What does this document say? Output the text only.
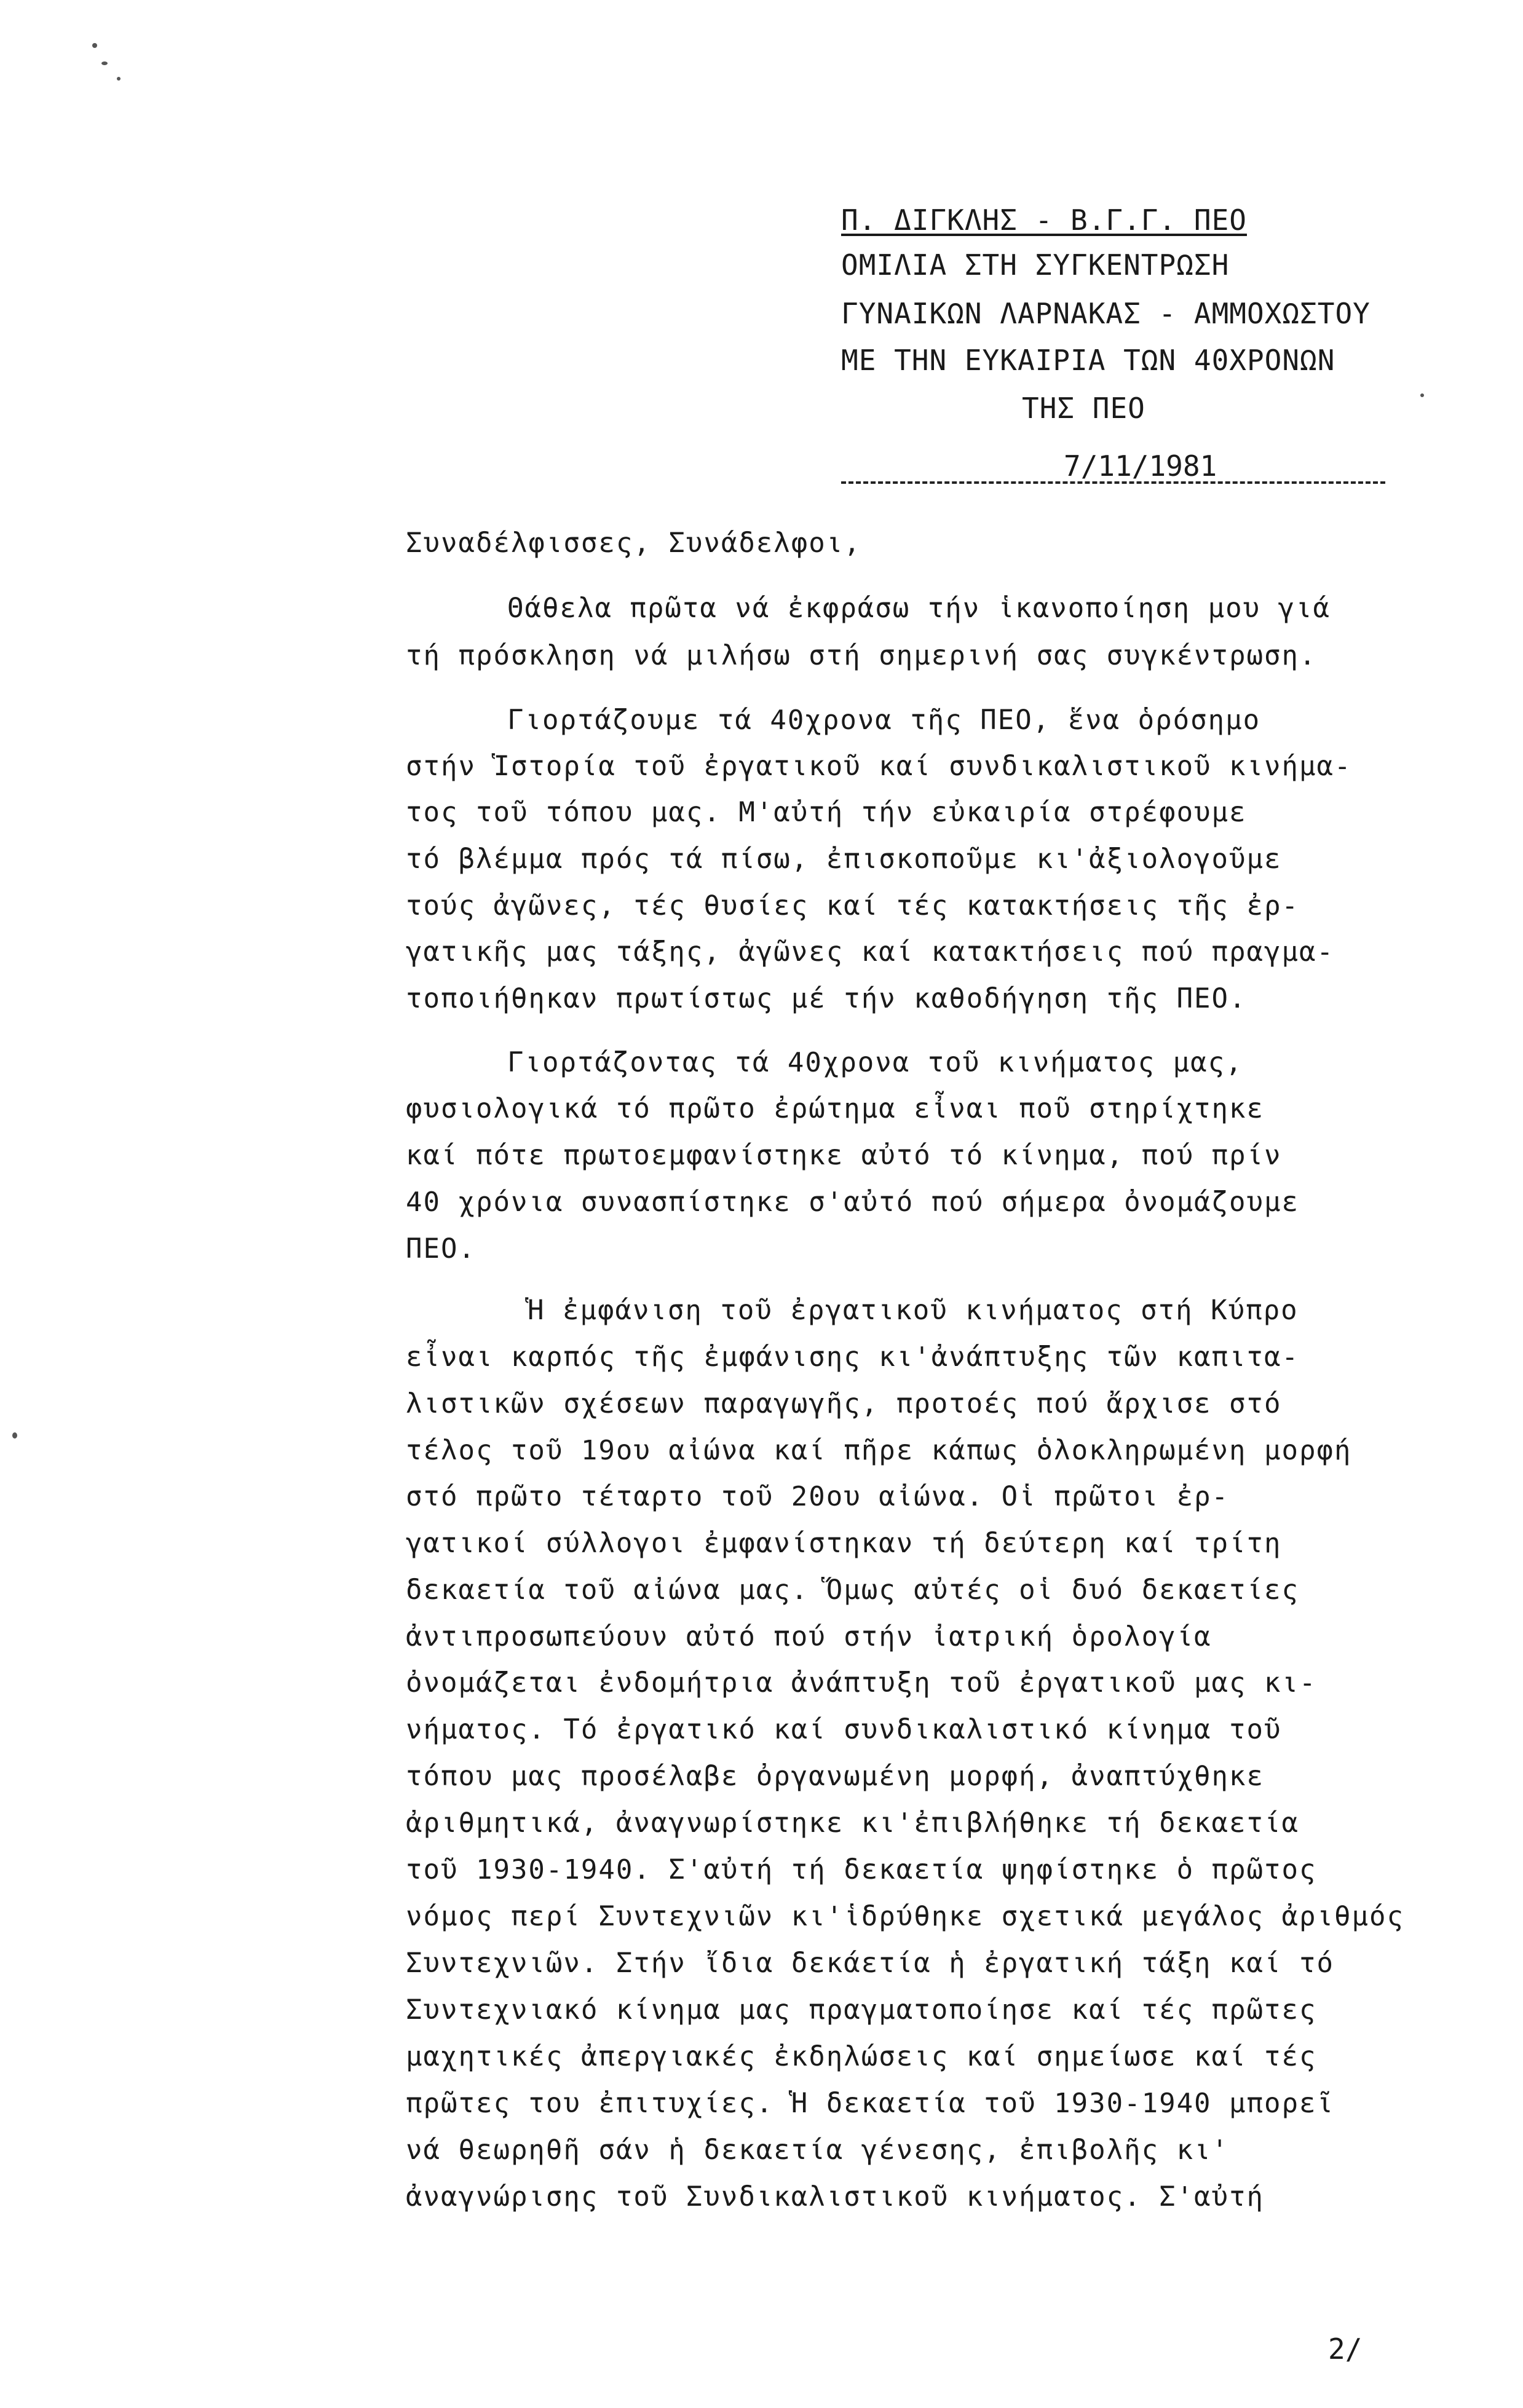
Π. ΔΙΓΚΛΗΣ - Β.Γ.Γ. ΠΕΟ
ΟΜΙΛΙΑ ΣΤΗ ΣΥΓΚΕΝΤΡΩΣΗ
ΓΥΝΑΙΚΩΝ ΛΑΡΝΑΚΑΣ - ΑΜΜΟΧΩΣΤΟΥ
ΜΕ ΤΗΝ ΕΥΚΑΙΡΙΑ ΤΩΝ 40ΧΡΟΝΩΝ
ΤΗΣ ΠΕΟ
7/11/1981
Συναδέλφισσες, Συνάδελφοι,
Θάθελα πρῶτα νά ἐκφράσω τήν ἱκανοποίηση μου γιά
τή πρόσκληση νά μιλήσω στή σημερινή σας συγκέντρωση.
Γιορτάζουμε τά 40χρονα τῆς ΠΕΟ, ἕνα ὁρόσημο
στήν Ἱστορία τοῦ ἐργατικοῦ καί συνδικαλιστικοῦ κινήμα-
τος τοῦ τόπου μας. Μ'αὐτή τήν εὐκαιρία στρέφουμε
τό βλέμμα πρός τά πίσω, ἐπισκοποῦμε κι'ἀξιολογοῦμε
τούς ἀγῶνες, τές θυσίες καί τές κατακτήσεις τῆς ἐρ-
γατικῆς μας τάξης, ἀγῶνες καί κατακτήσεις πού πραγμα-
τοποιήθηκαν πρωτίστως μέ τήν καθοδήγηση τῆς ΠΕΟ.
Γιορτάζοντας τά 40χρονα τοῦ κινήματος μας,
φυσιολογικά τό πρῶτο ἐρώτημα εἶναι ποῦ στηρίχτηκε
καί πότε πρωτοεμφανίστηκε αὐτό τό κίνημα, πού πρίν
40 χρόνια συνασπίστηκε σ'αὐτό πού σήμερα ὀνομάζουμε
ΠΕΟ.
Ἡ ἐμφάνιση τοῦ ἐργατικοῦ κινήματος στή Κύπρο
εἶναι καρπός τῆς ἐμφάνισης κι'ἀνάπτυξης τῶν καπιτα-
λιστικῶν σχέσεων παραγωγῆς, προτοές πού ἄρχισε στό
τέλος τοῦ 19ου αἰώνα καί πῆρε κάπως ὁλοκληρωμένη μορφή
στό πρῶτο τέταρτο τοῦ 20ου αἰώνα. Οἱ πρῶτοι ἐρ-
γατικοί σύλλογοι ἐμφανίστηκαν τή δεύτερη καί τρίτη
δεκαετία τοῦ αἰώνα μας. Ὅμως αὐτές οἱ δυό δεκαετίες
ἀντιπροσωπεύουν αὐτό πού στήν ἰατρική ὁρολογία
ὀνομάζεται ἐνδομήτρια ἀνάπτυξη τοῦ ἐργατικοῦ μας κι-
νήματος. Τό ἐργατικό καί συνδικαλιστικό κίνημα τοῦ
τόπου μας προσέλαβε ὀργανωμένη μορφή, ἀναπτύχθηκε
ἀριθμητικά, ἀναγνωρίστηκε κι'ἐπιβλήθηκε τή δεκαετία
τοῦ 1930-1940. Σ'αὐτή τή δεκαετία ψηφίστηκε ὁ πρῶτος
νόμος περί Συντεχνιῶν κι'ἱδρύθηκε σχετικά μεγάλος ἀριθμός
Συντεχνιῶν. Στήν ἴδια δεκάετία ἡ ἐργατική τάξη καί τό
Συντεχνιακό κίνημα μας πραγματοποίησε καί τές πρῶτες
μαχητικές ἀπεργιακές ἐκδηλώσεις καί σημείωσε καί τές
πρῶτες του ἐπιτυχίες. Ἡ δεκαετία τοῦ 1930-1940 μπορεῖ
νά θεωρηθῆ σάν ἡ δεκαετία γένεσης, ἐπιβολῆς κι'
ἀναγνώρισης τοῦ Συνδικαλιστικοῦ κινήματος. Σ'αὐτή
2/
